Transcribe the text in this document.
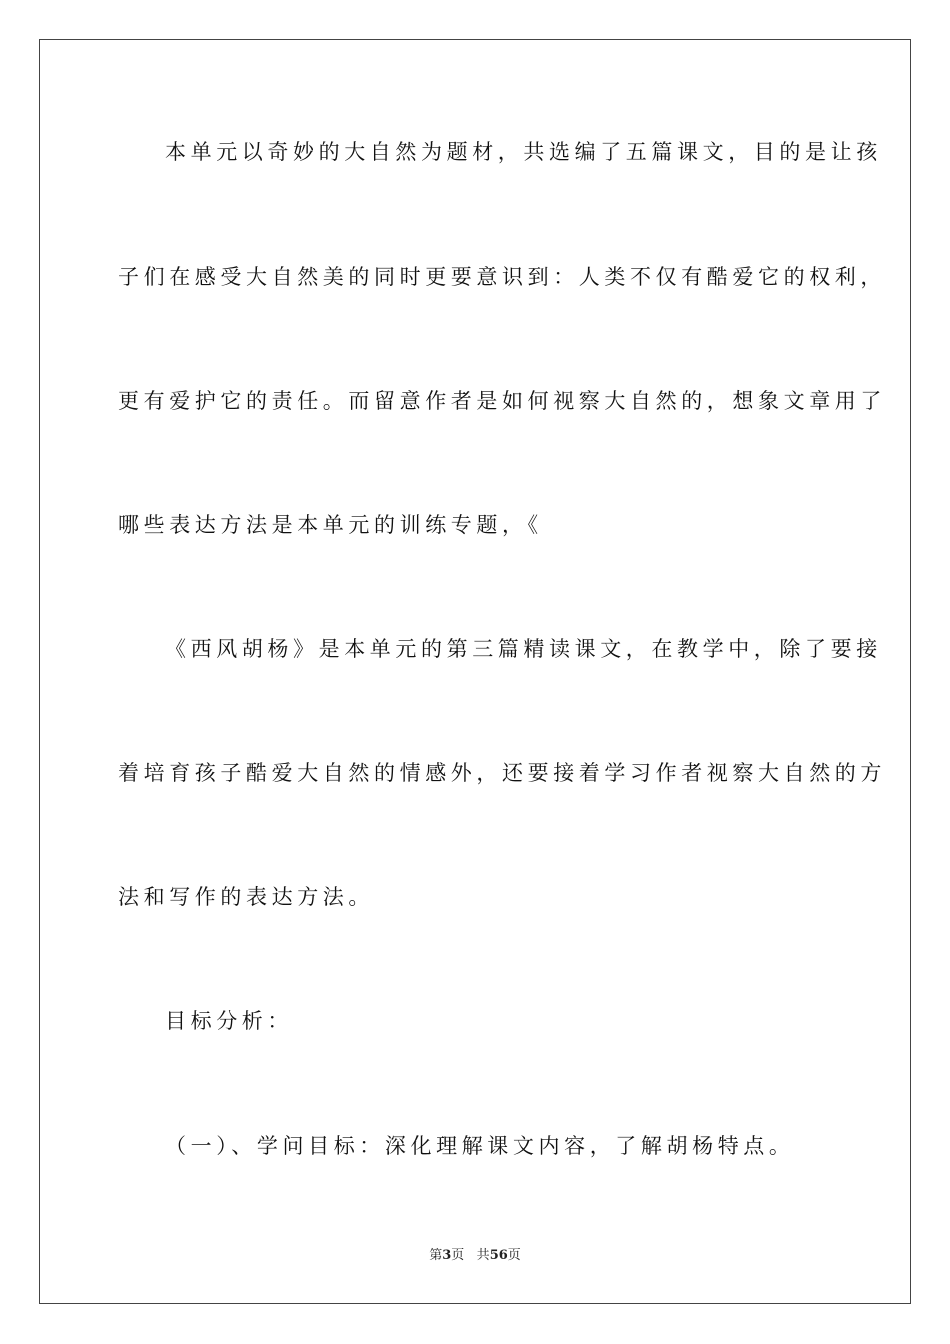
本单元以奇妙的大自然为题材，共选编了五篇课文，目的是让孩
子们在感受大自然美的同时更要意识到：人类不仅有酷爱它的权利，
更有爱护它的责任。而留意作者是如何视察大自然的，想象文章用了
哪些表达方法是本单元的训练专题，《
《西风胡杨》是本单元的第三篇精读课文，在教学中，除了要接
着培育孩子酷爱大自然的情感外，还要接着学习作者视察大自然的方
法和写作的表达方法。
目标分析：
（一）、学问目标：深化理解课文内容，了解胡杨特点。
第3页 共56页
